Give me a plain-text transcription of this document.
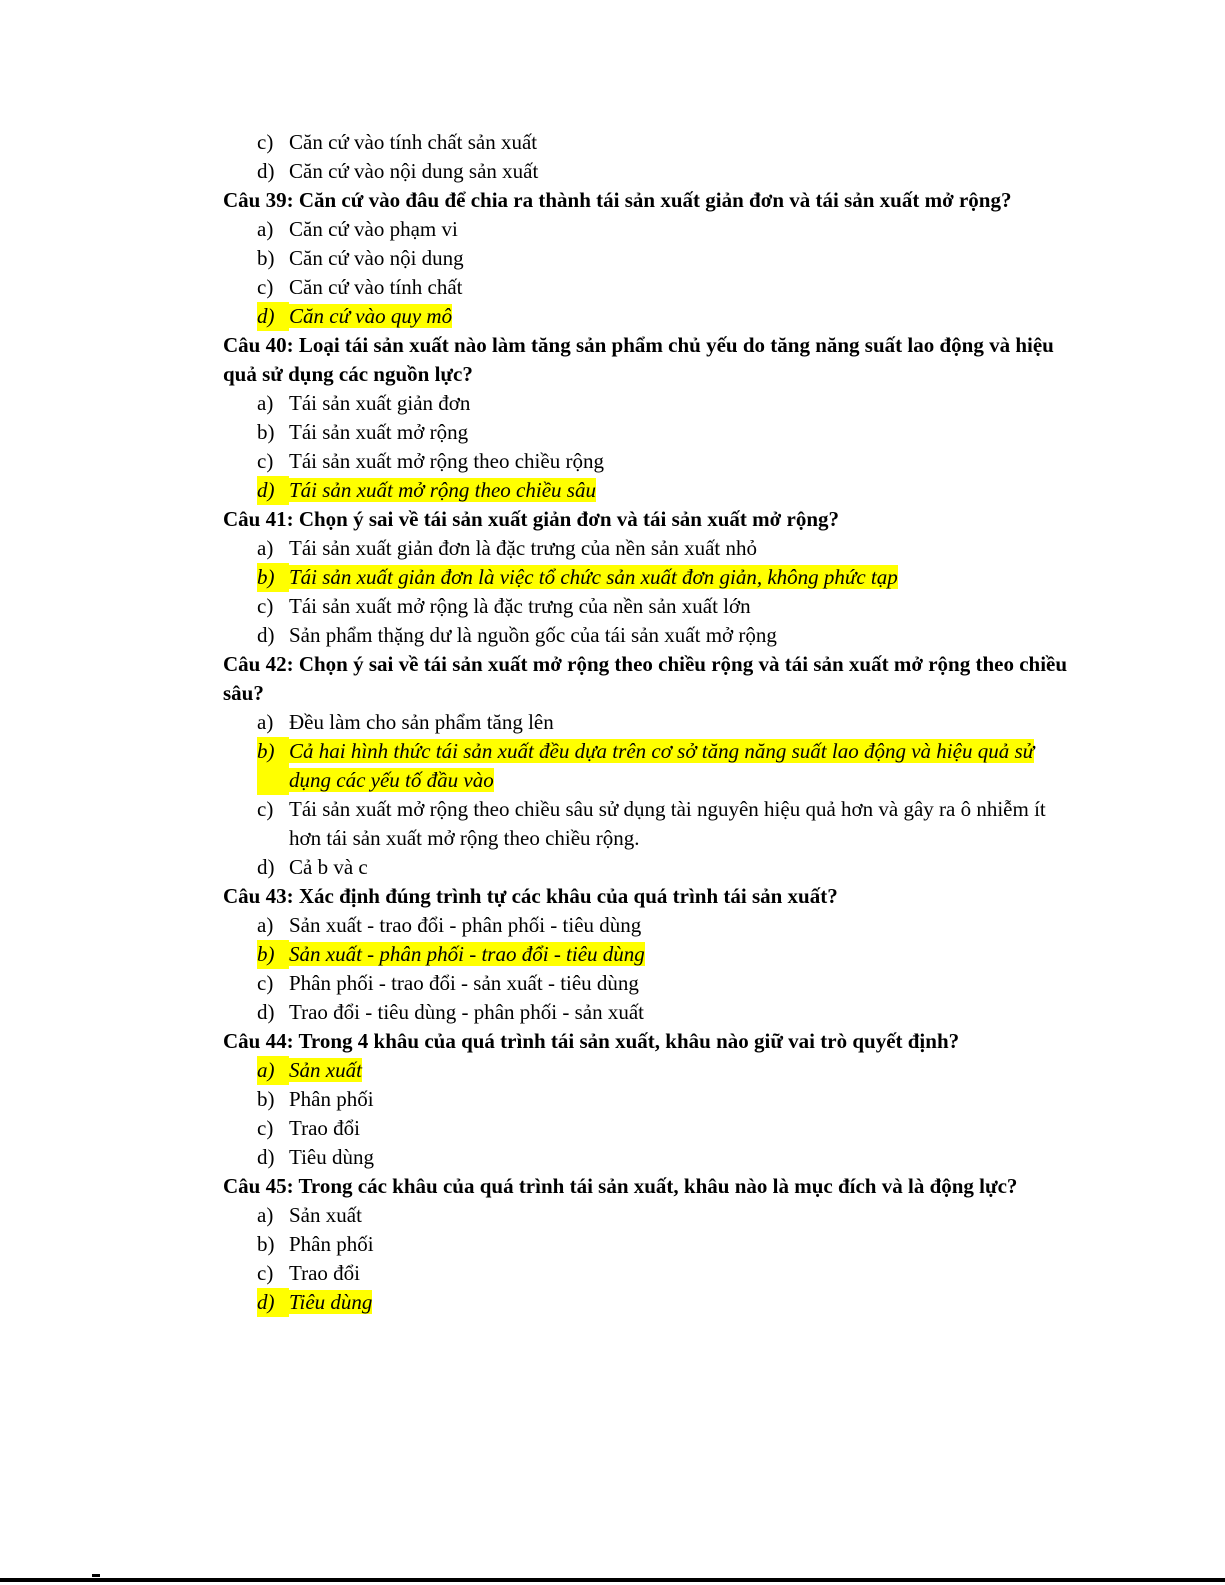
c) Căn cứ vào tính chất sản xuất
d) Căn cứ vào nội dung sản xuất

Câu 39: Căn cứ vào đâu để chia ra thành tái sản xuất giản đơn và tái sản xuất mở rộng?

a) Căn cứ vào phạm vi
b) Căn cứ vào nội dung
c) Căn cứ vào tính chất
d) Căn cứ vào quy mô

Câu 40: Loại tái sản xuất nào làm tăng sản phẩm chủ yếu do tăng năng suất lao động và hiệu quả sử dụng các nguồn lực?

a) Tái sản xuất giản đơn
b) Tái sản xuất mở rộng
c) Tái sản xuất mở rộng theo chiều rộng
d) Tái sản xuất mở rộng theo chiều sâu

Câu 41: Chọn ý sai về tái sản xuất giản đơn và tái sản xuất mở rộng?

a) Tái sản xuất giản đơn là đặc trưng của nền sản xuất nhỏ
b) Tái sản xuất giản đơn là việc tổ chức sản xuất đơn giản, không phức tạp
c) Tái sản xuất mở rộng là đặc trưng của nền sản xuất lớn
d) Sản phẩm thặng dư là nguồn gốc của tái sản xuất mở rộng

Câu 42: Chọn ý sai về tái sản xuất mở rộng theo chiều rộng và tái sản xuất mở rộng theo chiều sâu?

a) Đều làm cho sản phẩm tăng lên
b) Cả hai hình thức tái sản xuất đều dựa trên cơ sở tăng năng suất lao động và hiệu quả sử dụng các yếu tố đầu vào
c) Tái sản xuất mở rộng theo chiều sâu sử dụng tài nguyên hiệu quả hơn và gây ra ô nhiễm ít hơn tái sản xuất mở rộng theo chiều rộng.
d) Cả b và c

Câu 43: Xác định đúng trình tự các khâu của quá trình tái sản xuất?

a) Sản xuất - trao đổi - phân phối - tiêu dùng
b) Sản xuất - phân phối - trao đổi - tiêu dùng
c) Phân phối - trao đổi - sản xuất - tiêu dùng
d) Trao đổi - tiêu dùng - phân phối - sản xuất

Câu 44: Trong 4 khâu của quá trình tái sản xuất, khâu nào giữ vai trò quyết định?

a) Sản xuất
b) Phân phối
c) Trao đổi
d) Tiêu dùng

Câu 45: Trong các khâu của quá trình tái sản xuất, khâu nào là mục đích và là động lực?

a) Sản xuất
b) Phân phối
c) Trao đổi
d) Tiêu dùng
